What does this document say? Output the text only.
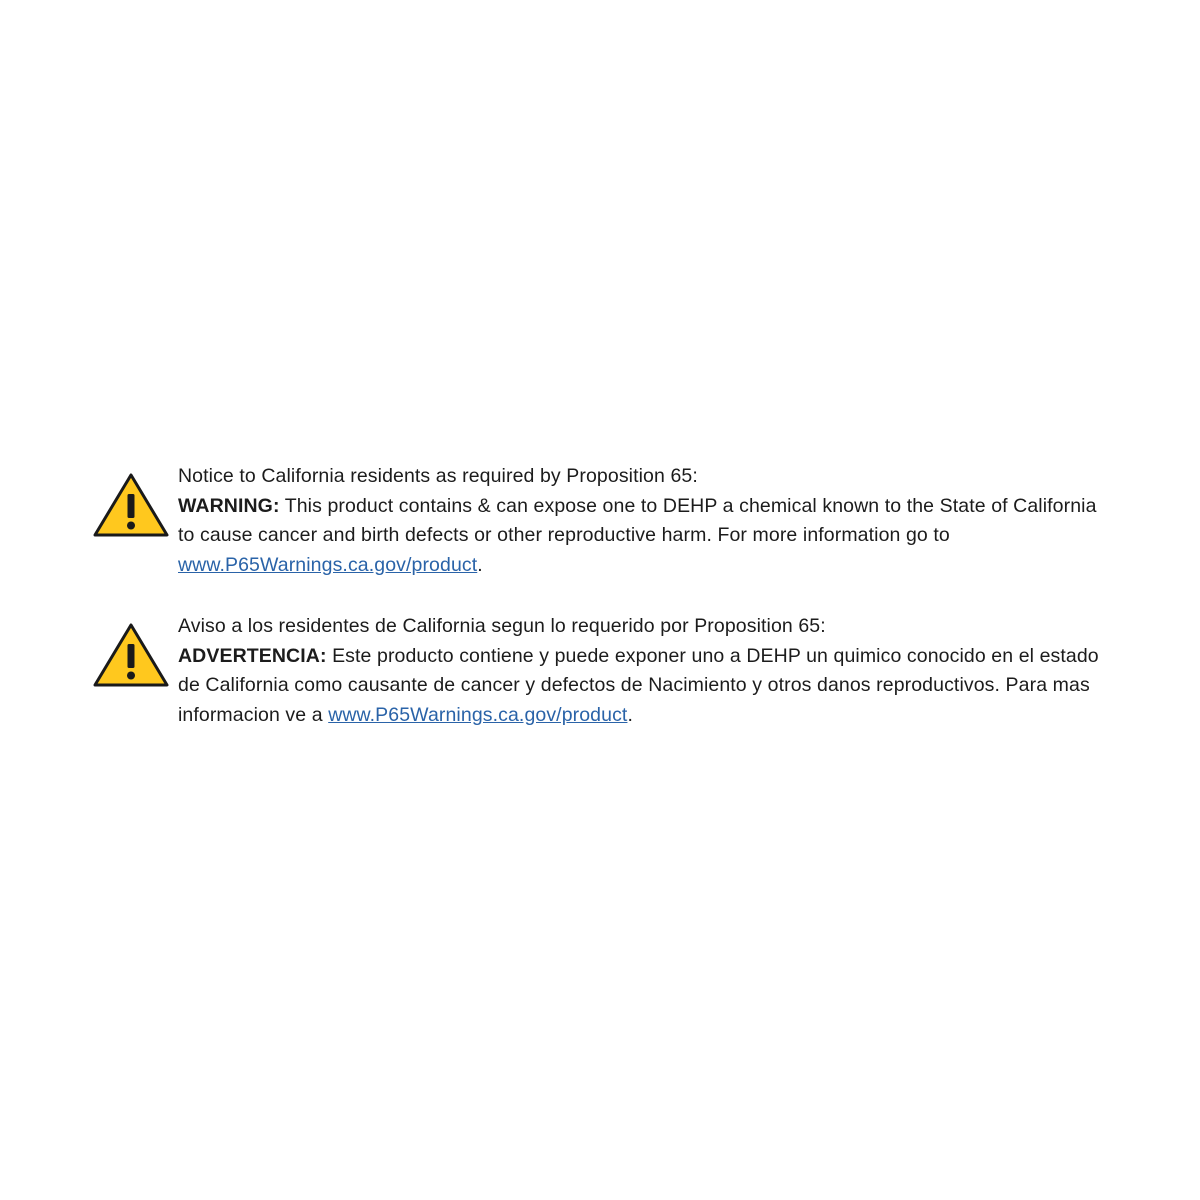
Notice to California residents as required by Proposition 65:

WARNING: This product contains & can expose one to DEHP a chemical known to the State of California to cause cancer and birth defects or other reproductive harm. For more information go to www.P65Warnings.ca.gov/product.

Aviso a los residentes de California segun lo requerido por Proposition 65:

ADVERTENCIA: Este producto contiene y puede exponer uno a DEHP un quimico conocido en el estado de California como causante de cancer y defectos de Nacimiento y otros danos reproductivos. Para mas informacion ve a www.P65Warnings.ca.gov/product.
